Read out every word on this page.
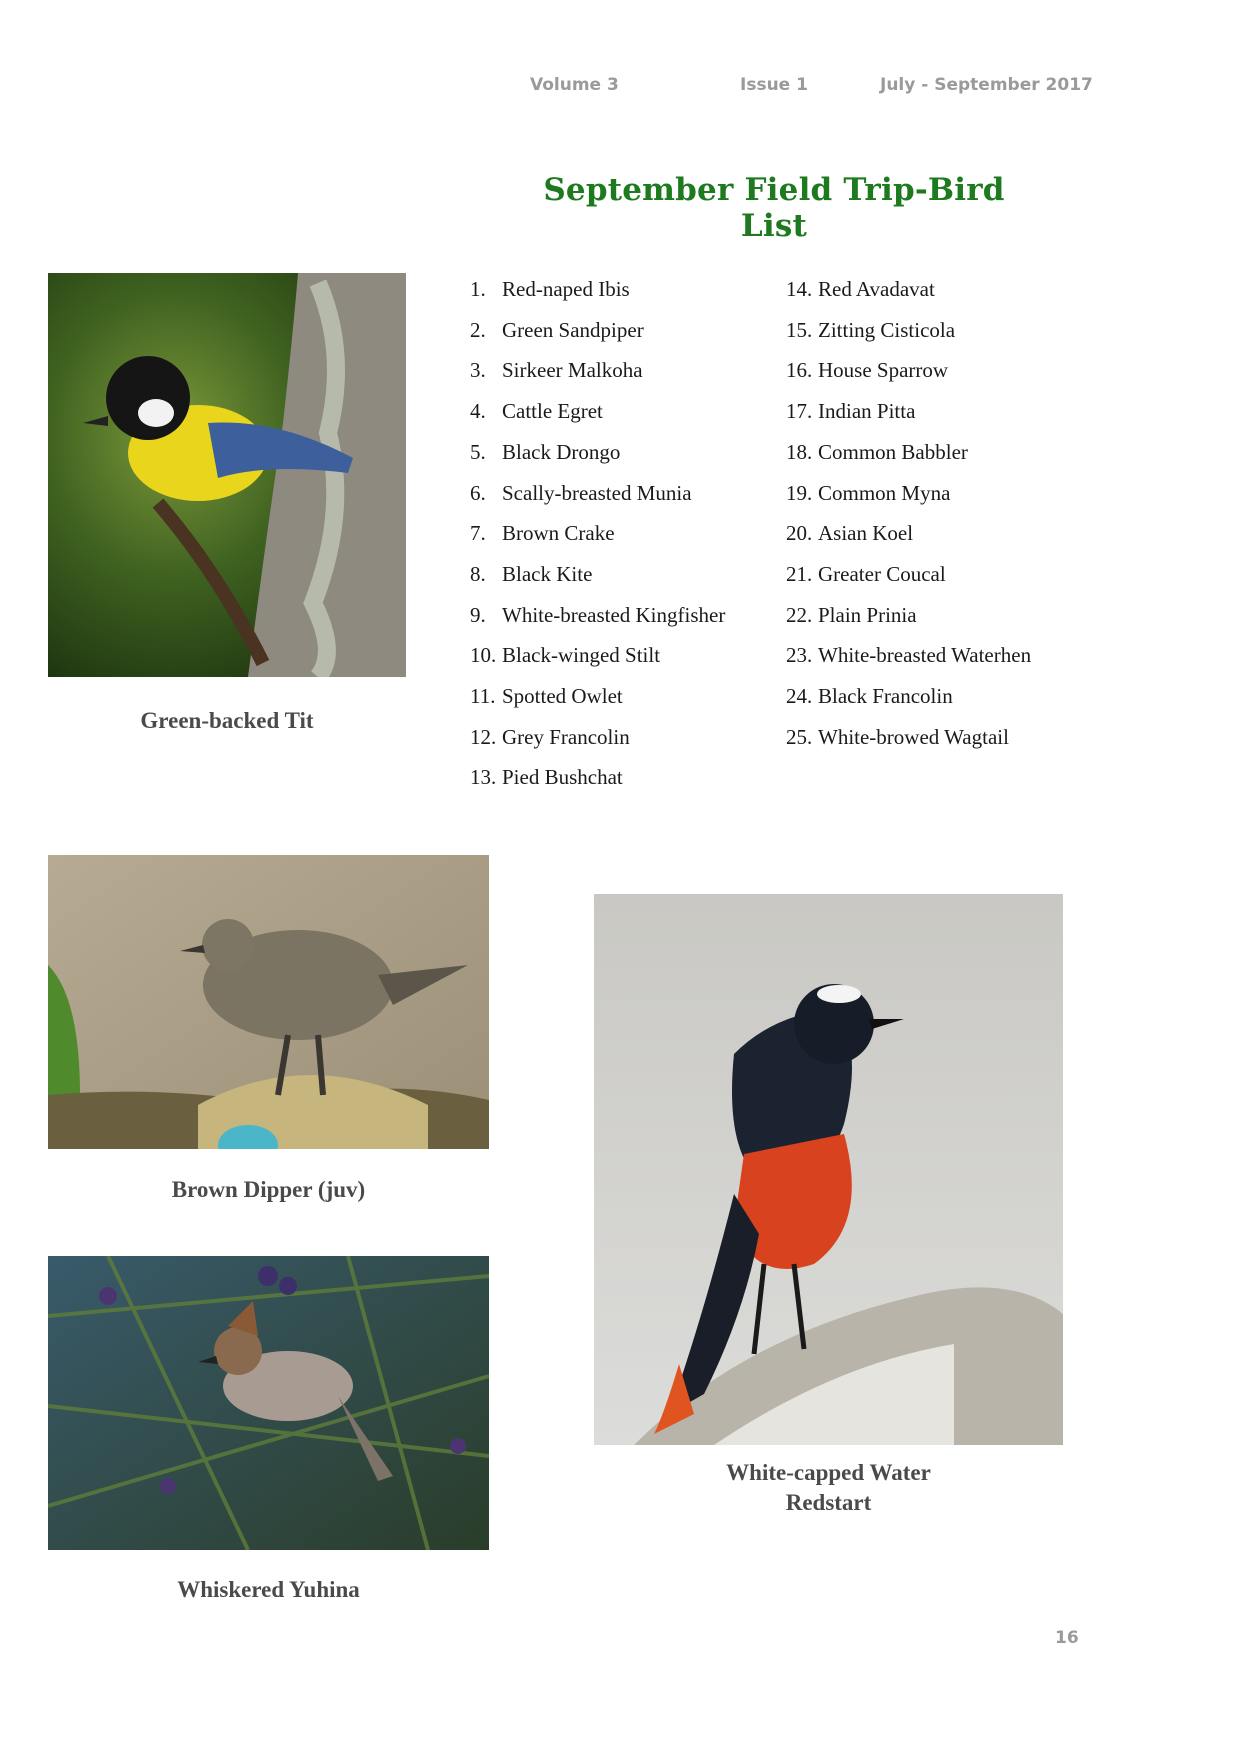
Volume 3	Issue 1	July - September 2017
September Field Trip-Bird List
1. Red-naped Ibis
2. Green Sandpiper
3. Sirkeer Malkoha
4. Cattle Egret
5. Black Drongo
6. Scally-breasted Munia
7. Brown Crake
8. Black Kite
9. White-breasted Kingfisher
10. Black-winged Stilt
11. Spotted Owlet
12. Grey Francolin
13. Pied Bushchat
14. Red Avadavat
15. Zitting Cisticola
16. House Sparrow
17. Indian Pitta
18. Common Babbler
19. Common Myna
20. Asian Koel
21. Greater Coucal
22. Plain Prinia
23. White-breasted Waterhen
24. Black Francolin
25. White-browed Wagtail
Green-backed Tit
Brown Dipper (juv)
Whiskered Yuhina
White-capped Water
Redstart
16
